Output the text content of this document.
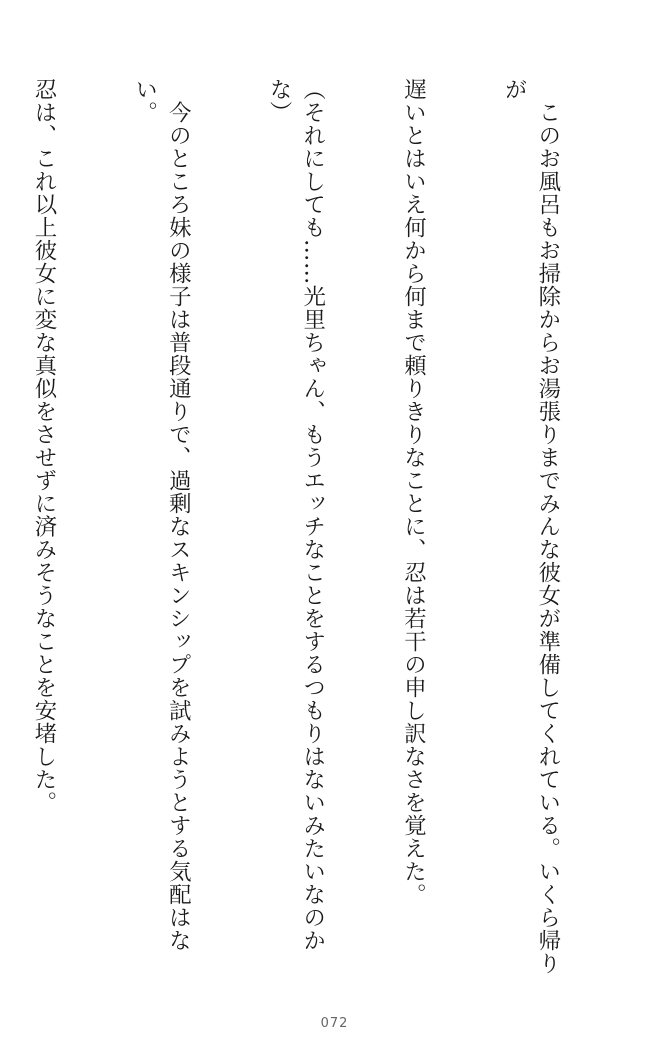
　このお風呂もお掃除からお湯張りまでみんな彼女が準備してくれている。いくら帰りが

遅いとはいえ何から何まで頼りきりなことに、忍は若干の申し訳なさを覚えた。

（それにしても……光里ちゃん、もうエッチなことをするつもりはないみたいなのかな）

　今のところ妹の様子は普段通りで、過剰なスキンシップを試みようとする気配はない。

忍は、これ以上彼女に変な真似をさせずに済みそうなことを安堵した。

072
